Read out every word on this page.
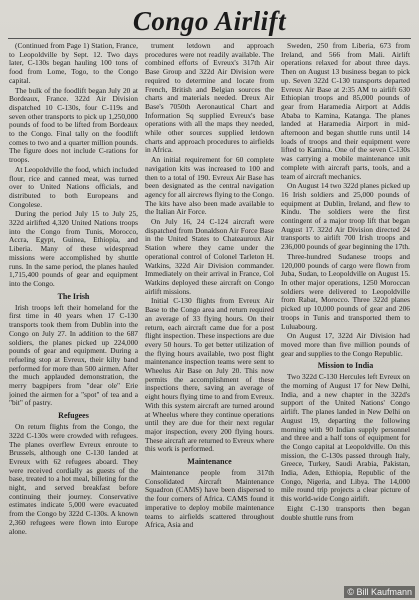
Congo Airlift

(Continued from Page 1) Station, France, to Leopoldville by Sept. 12. Two days later, C-130s began hauling 100 tons of food from Lome, Togo, to the Congo capital.

The bulk of the foodlift began July 20 at Bordeaux, France. 322d Air Division dispatched 10 C-130s, four C-119s and seven other transports to pick up 1,250,000 pounds of food to be lifted from Bordeaux to the Congo. Final tally on the foodlift comes to two and a quarter million pounds. The figure does not include C-rations for troops.

At Leopoldville the food, which included flour, rice and canned meat, was turned over to United Nations officials, and distributed to both Europeans and Congolese.

During the period July 15 to July 25, 322d airlifted 4,320 United Nations troops into the Congo from Tunis, Morocco, Accra, Egypt, Guinea, Ethiopia, and Liberia. Many of these widespread missions were accomplished by shuttle runs. In the same period, the planes hauled 1,715,400 pounds of gear and equipment into the Congo.

The Irish

Irish troops left their homeland for the first time in 40 years when 17 C-130 transports took them from Dublin into the Congo on July 27. In addition to the 687 soldiers, the planes picked up 224,000 pounds of gear and equipment. During a refueling stop at Evreux, their kilty band performed for more than 500 airmen. After the much applauded demonstration, the merry bagpipers from "dear ole" Erie joined the airmen for a "spot" of tea and a "bit" of pastry.

Refugees

On return flights from the Congo, the 322d C-130s were crowded with refugees. The planes overflew Evreux enroute to Brussels, although one C-130 landed at Evreux with 62 refugees aboard. They were received cordially as guests of the base, treated to a hot meal, billeting for the night, and served breakfast before continuing their journey. Conservative estimates indicate 5,000 were evacuated from the Congo by 322d C-130s. A known 2,360 refugees were flown into Europe alone.

trument letdown and approach procedures were not readily available. The combined efforts of Evreux's 317th Air Base Group and 322d Air Division were required to determine and locate from French, British and Belgian sources the charts and materials needed. Dreux Air Base's 7050th Aeronautical Chart and Information Sq supplied Evreux's base operations with all the maps they needed, while other sources supplied letdown charts and approach procedures to airfields in Africa.

An initial requirement for 60 complete navigation kits was increased to 100 and then to a total of 190. Evreux Air Base has been designated as the central navigation agency for all aircrews flying to the Congo. The kits have also been made available to the Italian Air Force.

On July 16, 24 C-124 aircraft were dispatched from Donaldson Air Force Base in the United States to Chateauroux Air Station where they came under the operational control of Colonel Tarleton H. Watkins, 322d Air Division commander. Immediately on their arrival in France, Col Watkins deployed these aircraft on Congo airlift missions.

Initial C-130 flights from Evreux Air Base to the Congo area and return required an average of 33 flying hours. On their return, each aircraft came due for a post flight inspection. These inspections are due every 50 hours. To get better utilization of the flying hours available, two post flight maintenance inspection teams were sent to Wheelus Air Base on July 20. This now permits the accomplishment of these inspections there, saving an average of eight hours flying time to and from Evreux. With this system aircraft are turned around at Wheelus where they continue operations until they are due for their next regular major inspection, every 200 flying hours. These aircraft are returned to Evreux where this work is performed.

Maintenance

Maintenance people from 317th Consolidated Aircraft Maintenance Squadron (CAMS) have been dispersed to the four corners of Africa. CAMS found it imperative to deploy mobile maintenance teams to airfields scattered throughout Africa, Asia and

Sweden, 250 from Liberia, 673 from Ireland, and 566 from Mali. Airlift operations relaxed for about three days. Then on August 13 business began to pick up. Seven 322d C-130 transports departed Evreux Air Base at 2:35 AM to airlift 630 Ethiopian troops and 85,000 pounds of gear from Haramedia Airport at Addis Ababa to Kamina, Katanga. The planes landed at Haramedia Airport in mid-afternoon and began shuttle runs until 14 loads of troops and their equipment were lifted to Kamina. One of the seven C-130s was carrying a mobile maintenance unit complete with aircraft parts, tools, and a team of aircraft mechanics.

On August 14 two 322d planes picked up 16 Irish soldiers and 25,000 pounds of equipment at Dublin, Ireland, and flew to Kindu. The soldiers were the first contingent of a major troop lift that began August 17. 322d Air Division directed 24 transports to airlift 700 Irish troops and 236,000 pounds of gear beginning the 17th.

Three-hundred Sudanese troops and 120,000 pounds of cargo were flown from Juba, Sudan, to Leopoldville on August 15. In other major operations, 1250 Moroccan soldiers were delivered to Leopoldville from Rabat, Morocco. Three 322d planes picked up 10,000 pounds of gear and 206 troops in Tunis and transported them to Luluabourg.

On August 17, 322d Air Division had moved more than five million pounds of gear and supplies to the Congo Republic.

Mission to India

Two 322d C-130 Hercules left Evreux on the morning of August 17 for New Delhi, India, and a new chapter in the 322d's support of the United Nations' Congo airlift. The planes landed in New Delhi on August 19, departing the following morning with 90 Indian supply personnel and three and a half tons of equipment for the Congo capital at Leopoldville. On this mission, the C-130s passed through Italy, Greece, Turkey, Saudi Arabia, Pakistan, India, Aden, Ethiopia, Republic of the Congo, Nigeria, and Libya. The 14,000 mile round trip projects a clear picture of this world-wide Congo airlift.

Eight C-130 transports then began double shuttle runs from

© Bill Kaufmann
